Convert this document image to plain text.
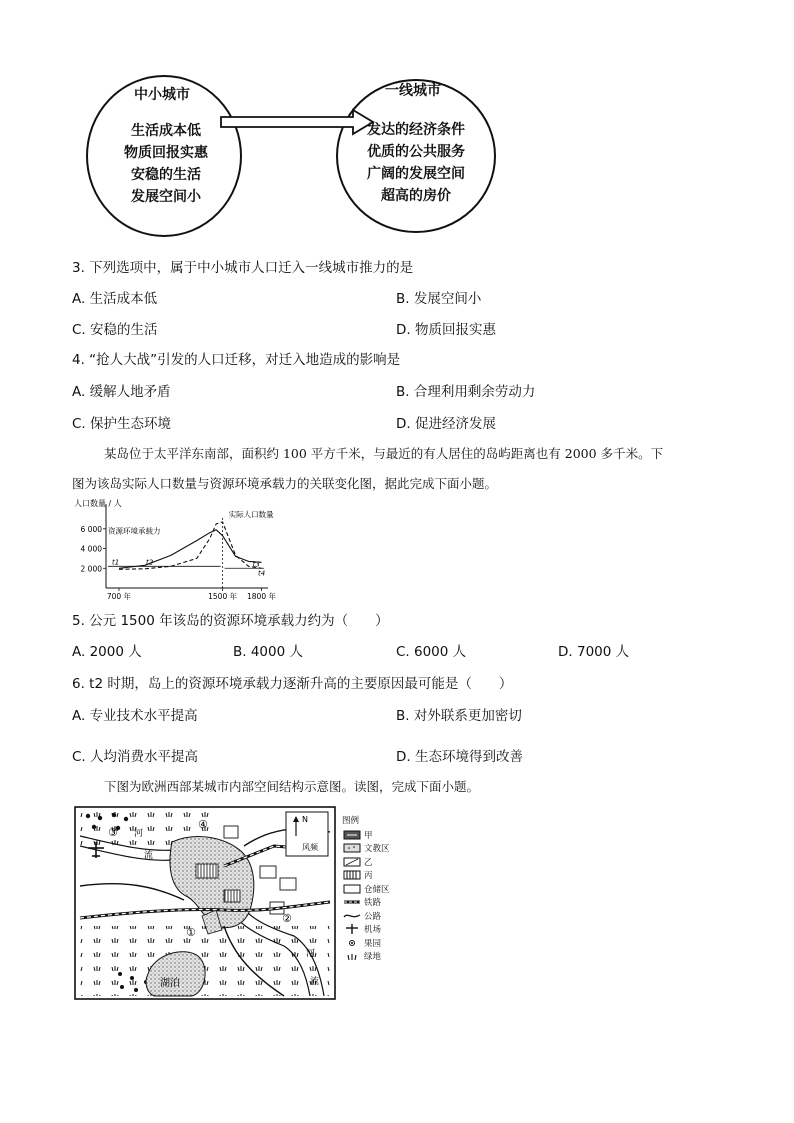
中小城市
生活成本低
物质回报实惠
安稳的生活
发展空间小
一线城市
发达的经济条件
优质的公共服务
广阔的发展空间
超高的房价
3. 下列选项中，属于中小城市人口迁入一线城市推力的是
A. 生活成本低	B. 发展空间小
C. 安稳的生活	D. 物质回报实惠
4. “抢人大战”引发的人口迁移，对迁入地造成的影响是
A. 缓解人地矛盾	B. 合理利用剩余劳动力
C. 保护生态环境	D. 促进经济发展
某岛位于太平洋东南部，面积约 100 平方千米，与最近的有人居住的岛屿距离也有 2000 多千米。下
图为该岛实际人口数量与资源环境承载力的关联变化图，据此完成下面小题。
人口数量 / 人
2 000
4 000
6 000
700 年	1500 年 1800 年
t1	t2	t3
t4
资源环境承载力
实际人口数量
5. 公元 1500 年该岛的资源环境承载力约为（　　）
A. 2000 人	B. 4000 人	C. 6000 人	D. 7000 人
6. t2 时期，岛上的资源环境承载力逐渐升高的主要原因最可能是（　　）
A. 专业技术水平提高	B. 对外联系更加密切
C. 人均消费水平提高	D. 生态环境得到改善
下图为欧洲西部某城市内部空间结构示意图。读图，完成下面小题。
湖泊
N
风频
河
流
河
流
①
②
③
④	图例
甲
文教区
乙
丙
仓储区
铁路
公路
机场
果园
绿地
